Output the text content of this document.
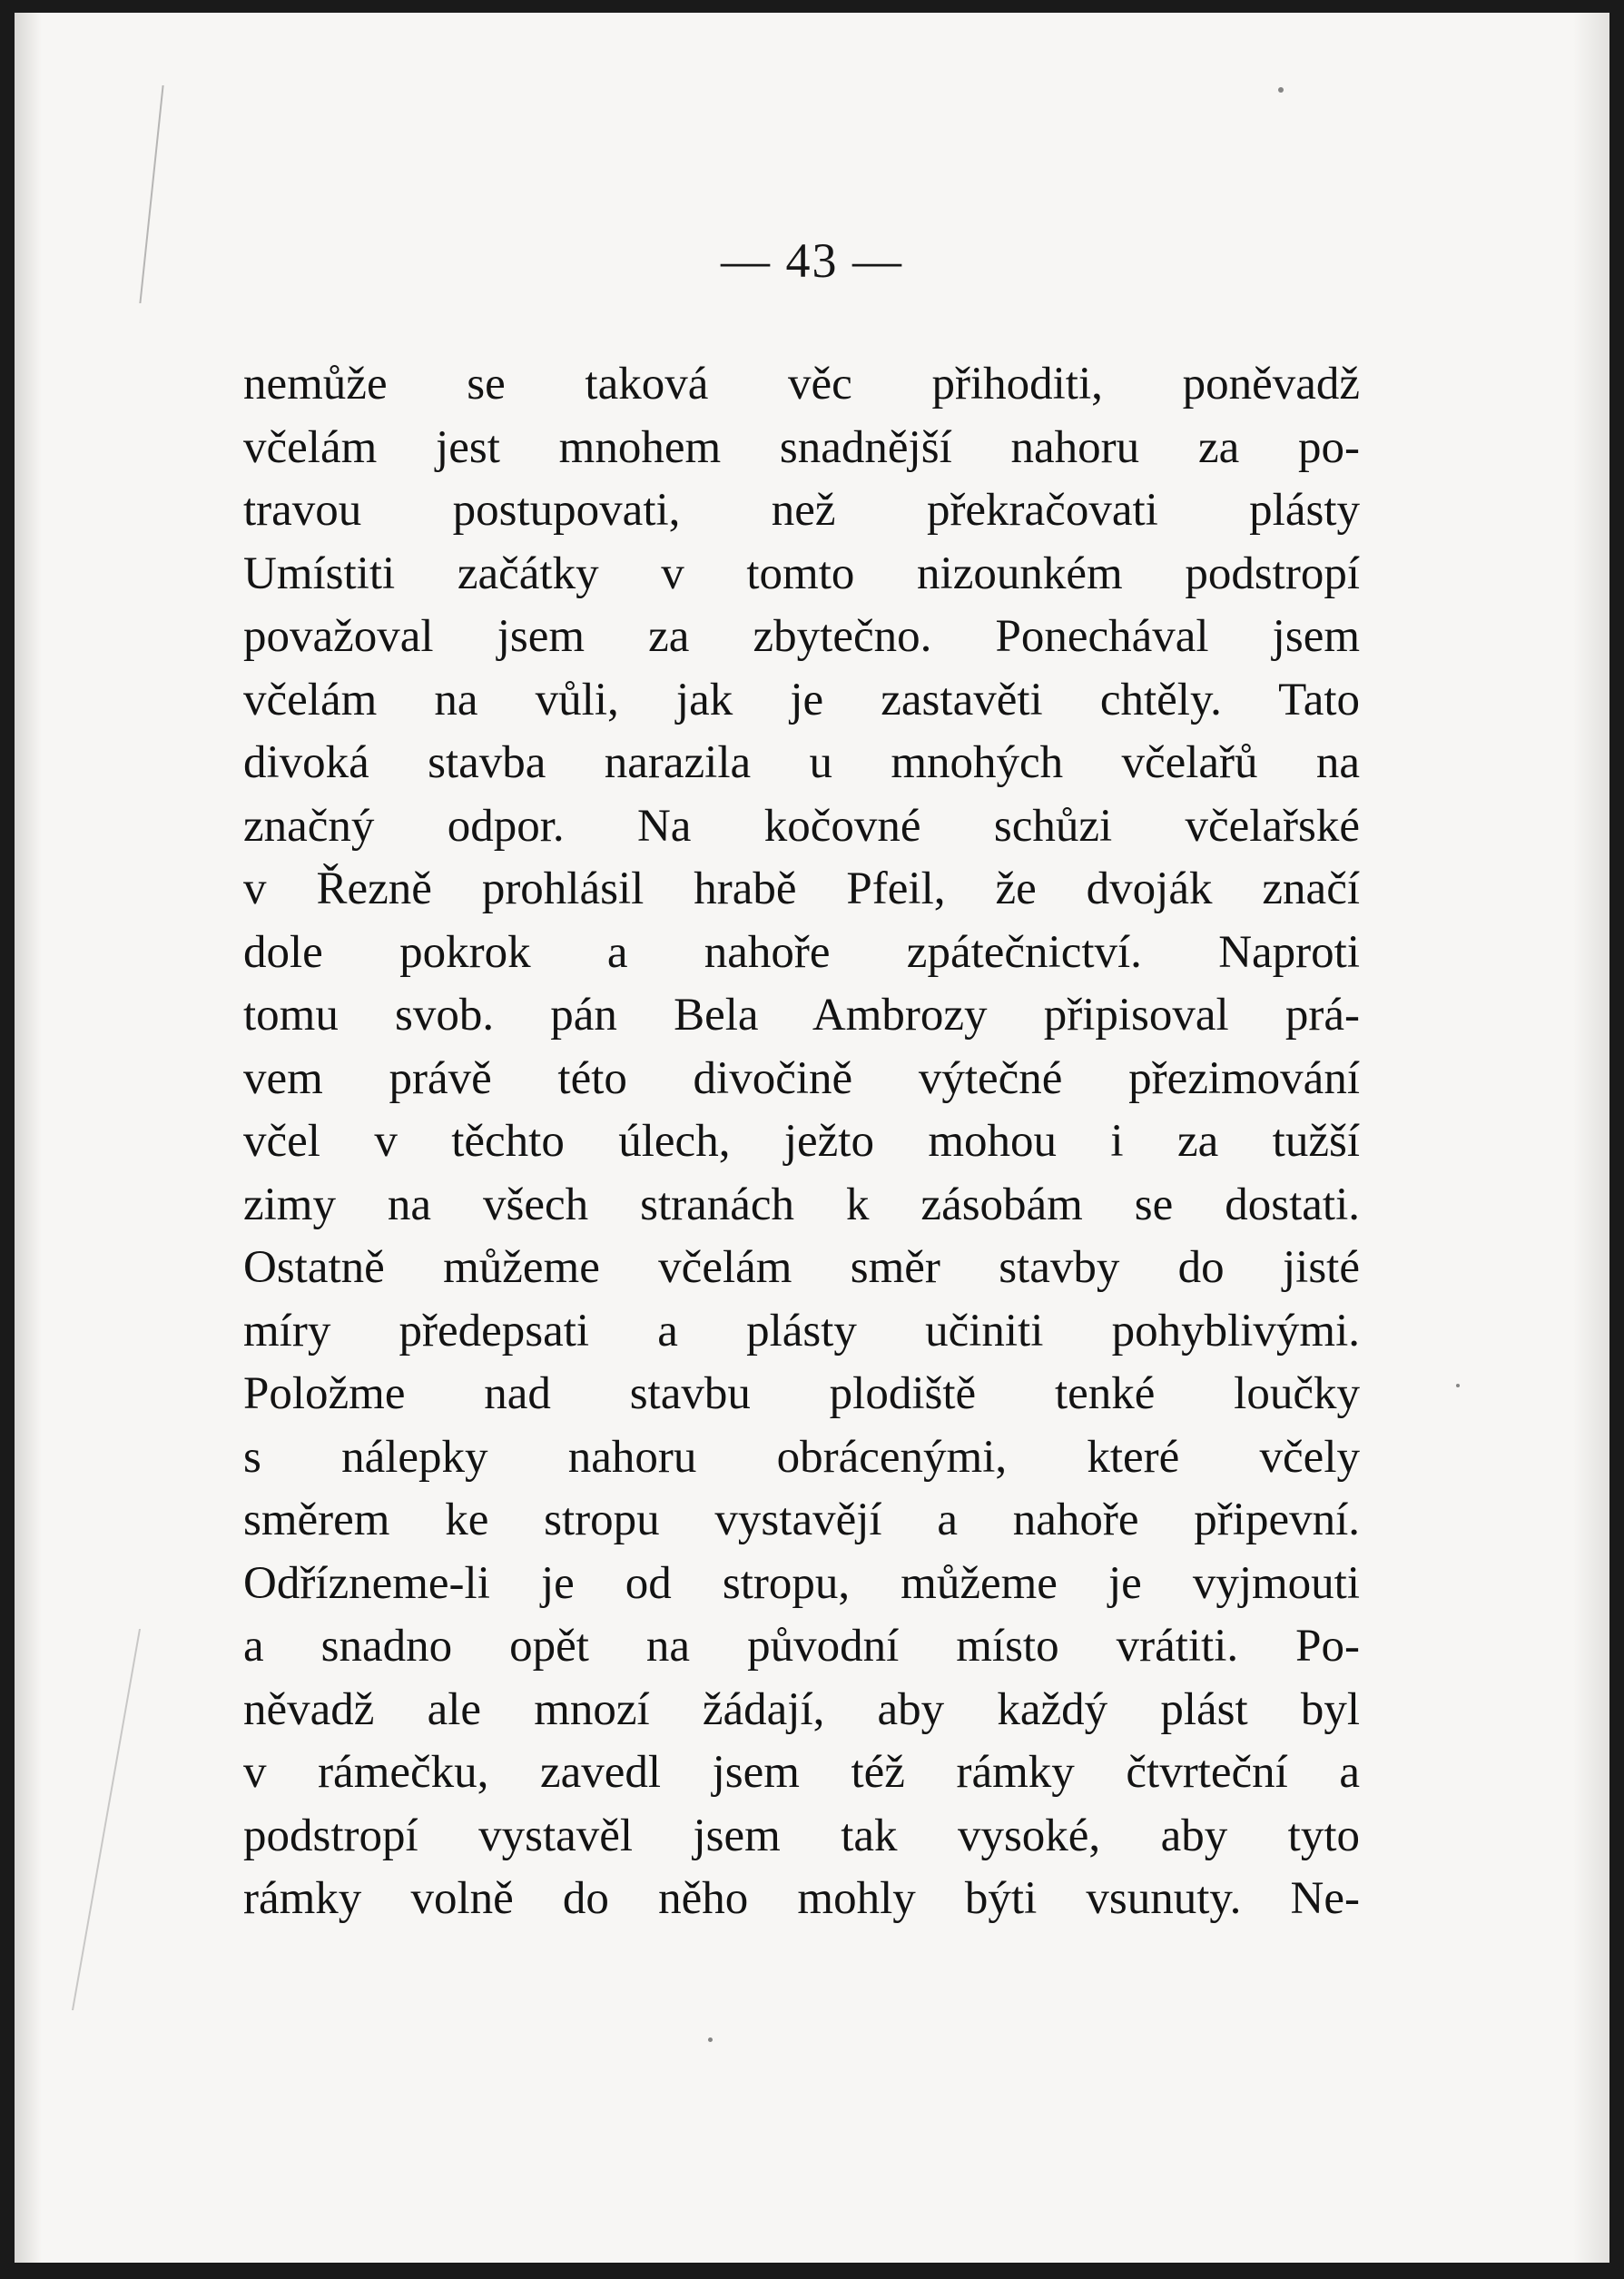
— 43 —
nemůže se taková věc přihoditi, poněvadž
včelám jest mnohem snadnější nahoru za po-
travou postupovati, než překračovati plásty
Umístiti začátky v tomto nizounkém podstropí
považoval jsem za zbytečno. Ponechával jsem
včelám na vůli, jak je zastavěti chtěly. Tato
divoká stavba narazila u mnohých včelařů na
značný odpor. Na kočovné schůzi včelařské
v Řezně prohlásil hrabě Pfeil, že dvoják značí
dole pokrok a nahoře zpátečnictví. Naproti
tomu svob. pán Bela Ambrozy připisoval prá-
vem právě této divočině výtečné přezimování
včel v těchto úlech, ježto mohou i za tužší
zimy na všech stranách k zásobám se dostati.
Ostatně můžeme včelám směr stavby do jisté
míry předepsati a plásty učiniti pohyblivými.
Položme nad stavbu plodiště tenké loučky
s nálepky nahoru obrácenými, které včely
směrem ke stropu vystavějí a nahoře připevní.
Odřízneme-li je od stropu, můžeme je vyjmouti
a snadno opět na původní místo vrátiti. Po-
něvadž ale mnozí žádají, aby každý plást byl
v rámečku, zavedl jsem též rámky čtvrteční a
podstropí vystavěl jsem tak vysoké, aby tyto
rámky volně do něho mohly býti vsunuty. Ne-
